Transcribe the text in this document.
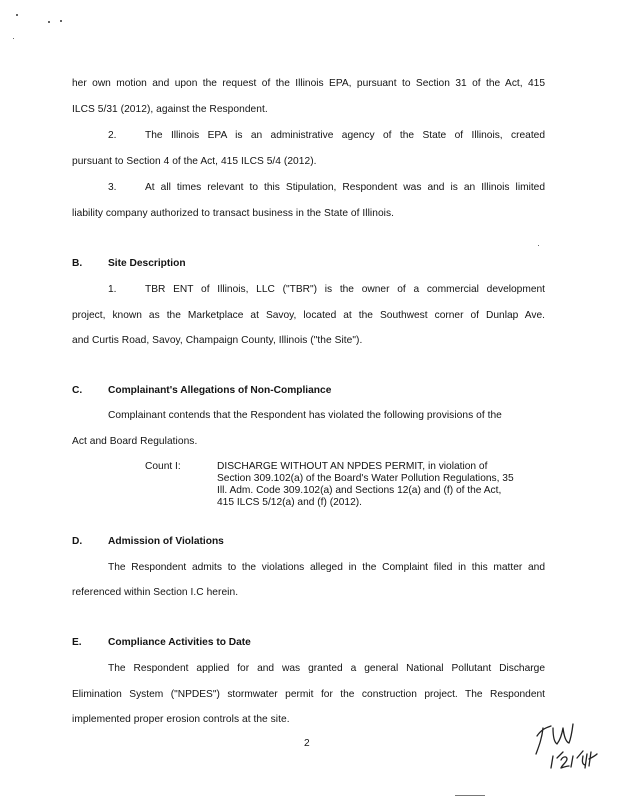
her own motion and upon the request of the Illinois EPA, pursuant to Section 31 of the Act, 415
ILCS 5/31 (2012), against the Respondent.
2.	The Illinois EPA is an administrative agency of the State of Illinois, created
pursuant to Section 4 of the Act, 415 ILCS 5/4 (2012).
3.	At all times relevant to this Stipulation, Respondent was and is an Illinois limited
liability company authorized to transact business in the State of Illinois.
B.	Site Description
1.	TBR ENT of Illinois, LLC ("TBR") is the owner of a commercial development
project, known as the Marketplace at Savoy, located at the Southwest corner of Dunlap Ave.
and Curtis Road, Savoy, Champaign County, Illinois ("the Site").
C.	Complainant's Allegations of Non-Compliance
Complainant contends that the Respondent has violated the following provisions of the
Act and Board Regulations.
Count I:	DISCHARGE WITHOUT AN NPDES PERMIT, in violation of
Section 309.102(a) of the Board's Water Pollution Regulations, 35
Ill. Adm. Code 309.102(a) and Sections 12(a) and (f) of the Act,
415 ILCS 5/12(a) and (f) (2012).
D.	Admission of Violations
The Respondent admits to the violations alleged in the Complaint filed in this matter and
referenced within Section I.C herein.
E.	Compliance Activities to Date
The Respondent applied for and was granted a general National Pollutant Discharge
Elimination System ("NPDES") stormwater permit for the construction project. The Respondent
implemented proper erosion controls at the site.
2
